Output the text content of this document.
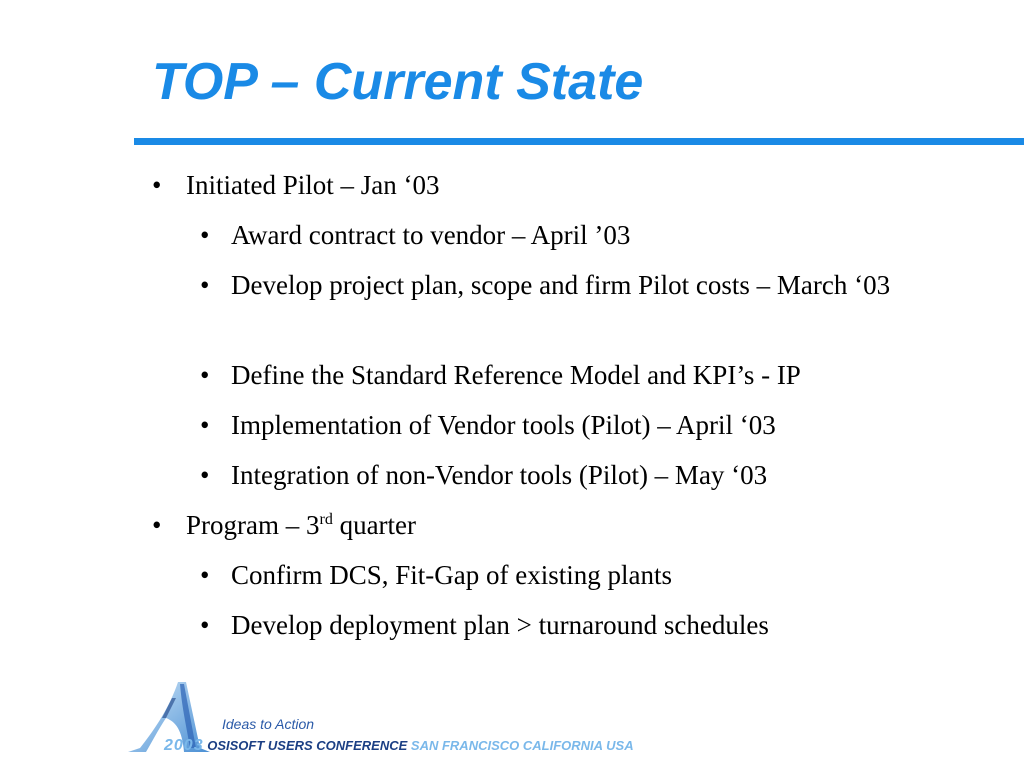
TOP – Current State
• Initiated Pilot – Jan ‘03
• Award contract to vendor – April ’03
• Develop project plan, scope and firm Pilot costs – March ‘03
• Define the Standard Reference Model and KPI’s - IP
• Implementation of Vendor tools (Pilot) – April ‘03
• Integration of non-Vendor tools (Pilot) – May ‘03
• Program – 3rd quarter
• Confirm DCS, Fit-Gap of existing plants
• Develop deployment plan > turnaround schedules
Ideas to Action
2003 OSISOFT USERS CONFERENCE SAN FRANCISCO CALIFORNIA USA
